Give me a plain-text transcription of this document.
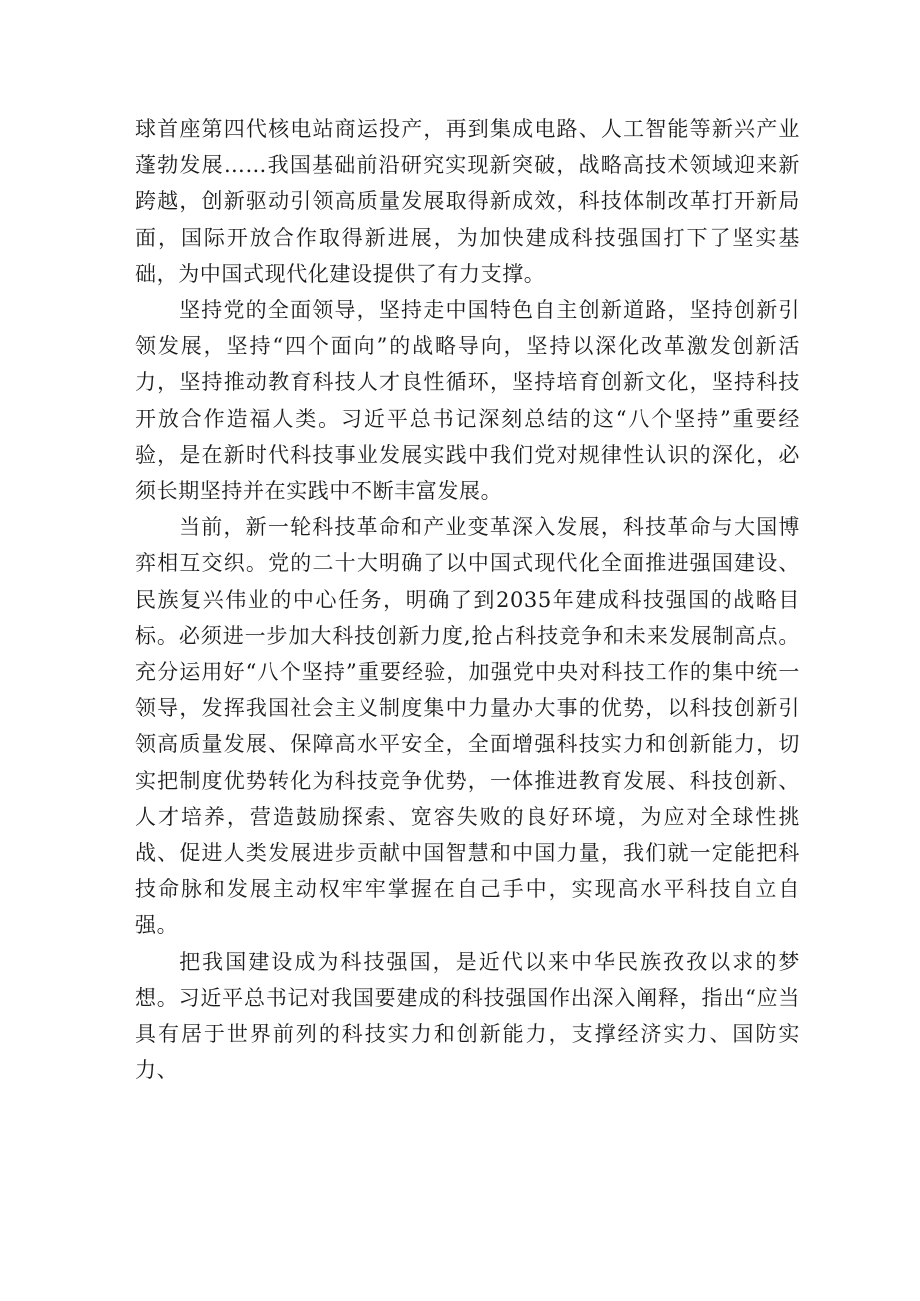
球首座第四代核电站商运投产，再到集成电路、人工智能等新兴产业蓬勃发展……我国基础前沿研究实现新突破，战略高技术领域迎来新跨越，创新驱动引领高质量发展取得新成效，科技体制改革打开新局面，国际开放合作取得新进展，为加快建成科技强国打下了坚实基础，为中国式现代化建设提供了有力支撑。

坚持党的全面领导，坚持走中国特色自主创新道路，坚持创新引领发展，坚持“四个面向”的战略导向，坚持以深化改革激发创新活力，坚持推动教育科技人才良性循环，坚持培育创新文化，坚持科技开放合作造福人类。习近平总书记深刻总结的这“八个坚持”重要经验，是在新时代科技事业发展实践中我们党对规律性认识的深化，必须长期坚持并在实践中不断丰富发展。

当前，新一轮科技革命和产业变革深入发展，科技革命与大国博弈相互交织。党的二十大明确了以中国式现代化全面推进强国建设、民族复兴伟业的中心任务，明确了到2035年建成科技强国的战略目标。必须进一步加大科技创新力度,抢占科技竞争和未来发展制高点。充分运用好“八个坚持”重要经验，加强党中央对科技工作的集中统一领导，发挥我国社会主义制度集中力量办大事的优势，以科技创新引领高质量发展、保障高水平安全，全面增强科技实力和创新能力，切实把制度优势转化为科技竞争优势，一体推进教育发展、科技创新、人才培养，营造鼓励探索、宽容失败的良好环境，为应对全球性挑战、促进人类发展进步贡献中国智慧和中国力量，我们就一定能把科技命脉和发展主动权牢牢掌握在自己手中，实现高水平科技自立自强。

把我国建设成为科技强国，是近代以来中华民族孜孜以求的梦想。习近平总书记对我国要建成的科技强国作出深入阐释，指出“应当具有居于世界前列的科技实力和创新能力，支撑经济实力、国防实力、
